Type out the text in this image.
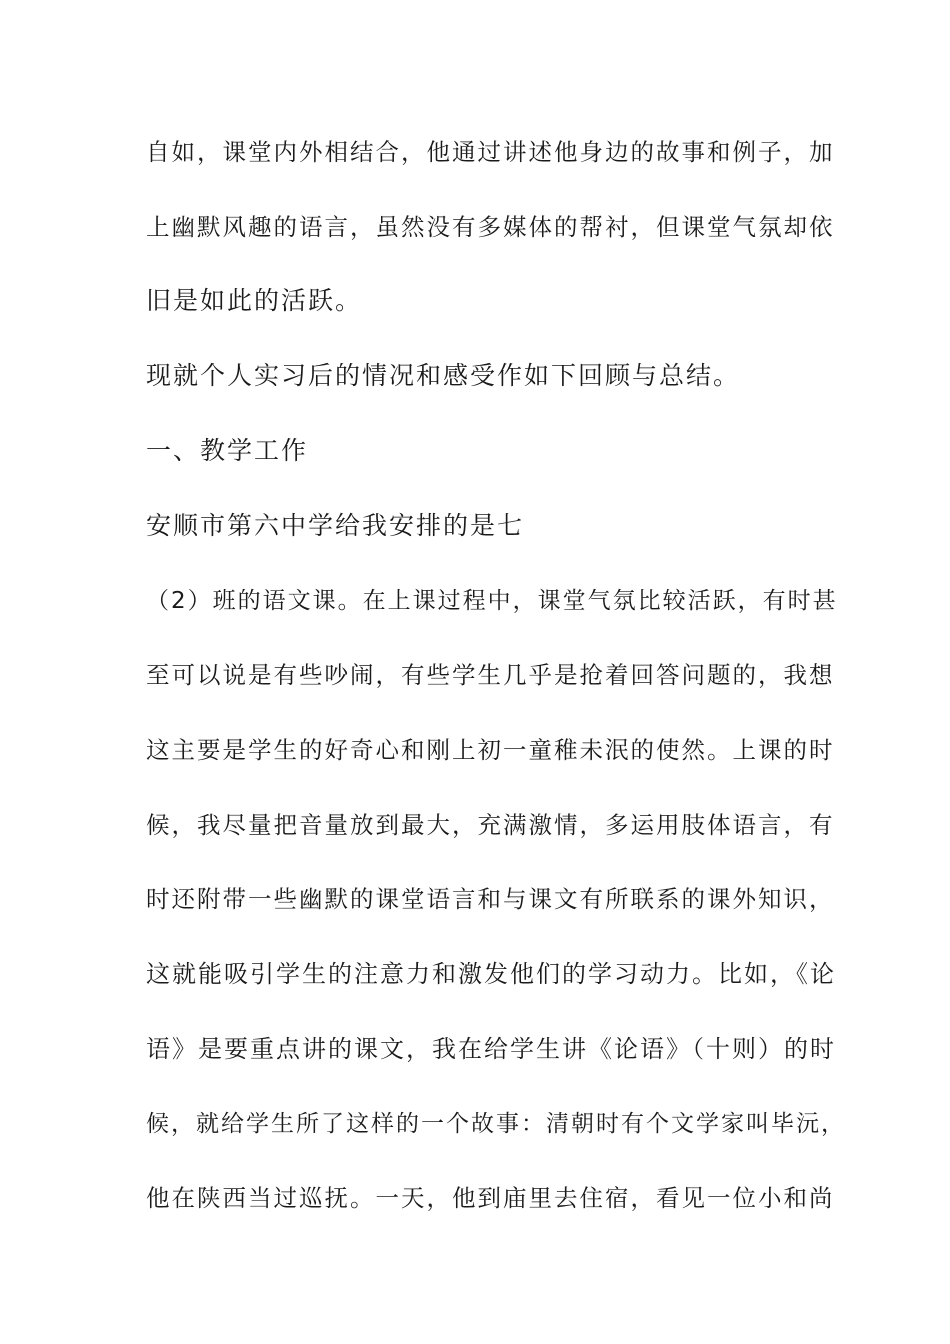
自如，课堂内外相结合，他通过讲述他身边的故事和例子，加
上幽默风趣的语言，虽然没有多媒体的帮衬，但课堂气氛却依
旧是如此的活跃。
现就个人实习后的情况和感受作如下回顾与总结。
一、教学工作
安顺市第六中学给我安排的是七
（2）班的语文课。在上课过程中，课堂气氛比较活跃，有时甚
至可以说是有些吵闹，有些学生几乎是抢着回答问题的，我想
这主要是学生的好奇心和刚上初一童稚未泯的使然。上课的时
候，我尽量把音量放到最大，充满激情，多运用肢体语言，有
时还附带一些幽默的课堂语言和与课文有所联系的课外知识，
这就能吸引学生的注意力和激发他们的学习动力。比如，《论
语》是要重点讲的课文，我在给学生讲《论语》（十则）的时
候，就给学生所了这样的一个故事：清朝时有个文学家叫毕沅，
他在陕西当过巡抚。一天，他到庙里去住宿，看见一位小和尚
